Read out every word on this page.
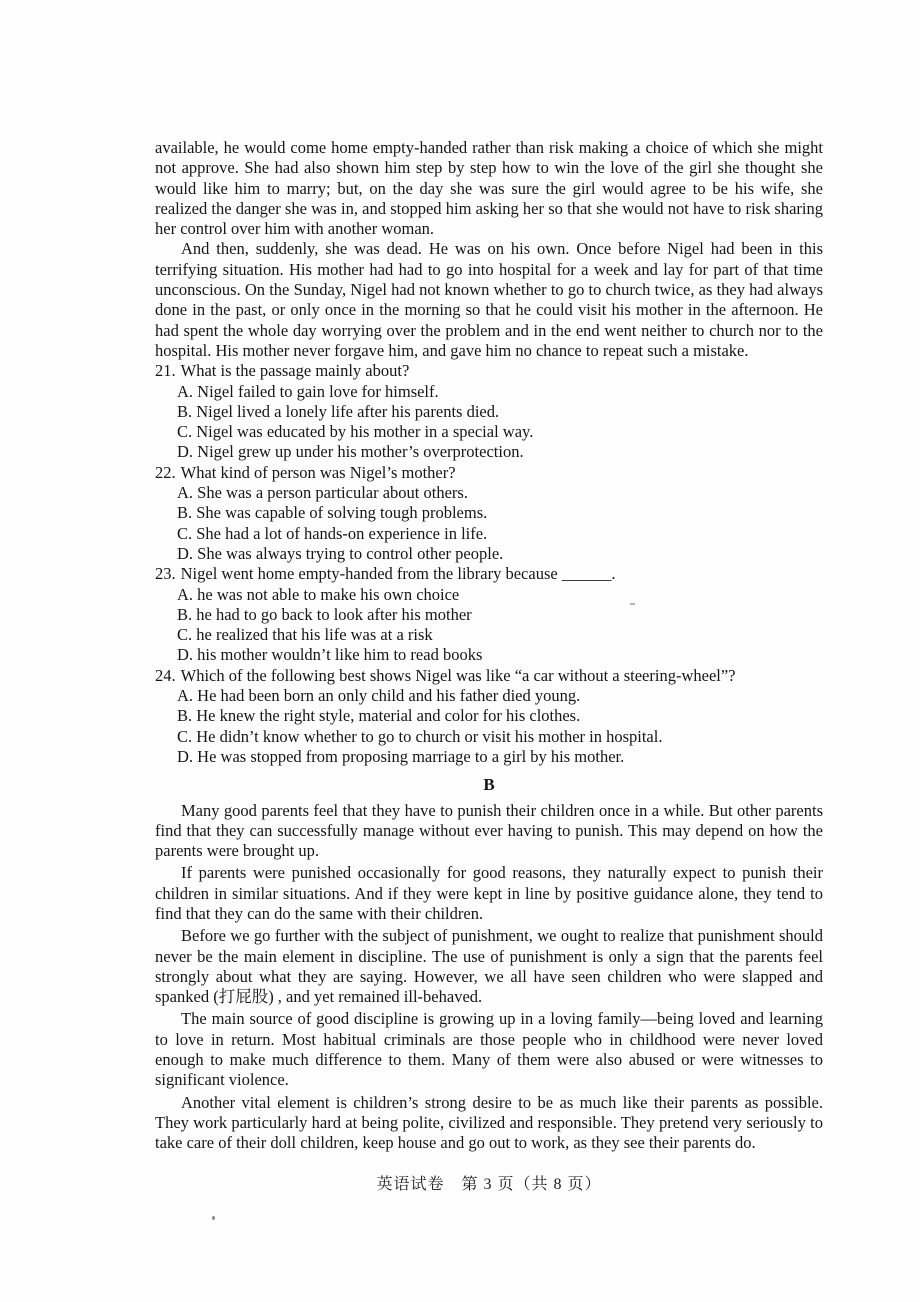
available, he would come home empty-handed rather than risk making a choice of which she might not approve. She had also shown him step by step how to win the love of the girl she thought she would like him to marry; but, on the day she was sure the girl would agree to be his wife, she realized the danger she was in, and stopped him asking her so that she would not have to risk sharing her control over him with another woman.

And then, suddenly, she was dead. He was on his own. Once before Nigel had been in this terrifying situation. His mother had had to go into hospital for a week and lay for part of that time unconscious. On the Sunday, Nigel had not known whether to go to church twice, as they had always done in the past, or only once in the morning so that he could visit his mother in the afternoon. He had spent the whole day worrying over the problem and in the end went neither to church nor to the hospital. His mother never forgave him, and gave him no chance to repeat such a mistake.

21. What is the passage mainly about?
A. Nigel failed to gain love for himself.
B. Nigel lived a lonely life after his parents died.
C. Nigel was educated by his mother in a special way.
D. Nigel grew up under his mother’s overprotection.
22. What kind of person was Nigel’s mother?
A. She was a person particular about others.
B. She was capable of solving tough problems.
C. She had a lot of hands-on experience in life.
D. She was always trying to control other people.
23. Nigel went home empty-handed from the library because ______.
A. he was not able to make his own choice
B. he had to go back to look after his mother
C. he realized that his life was at a risk
D. his mother wouldn’t like him to read books
24. Which of the following best shows Nigel was like “a car without a steering-wheel”?
A. He had been born an only child and his father died young.
B. He knew the right style, material and color for his clothes.
C. He didn’t know whether to go to church or visit his mother in hospital.
D. He was stopped from proposing marriage to a girl by his mother.
B

Many good parents feel that they have to punish their children once in a while. But other parents find that they can successfully manage without ever having to punish. This may depend on how the parents were brought up.

If parents were punished occasionally for good reasons, they naturally expect to punish their children in similar situations. And if they were kept in line by positive guidance alone, they tend to find that they can do the same with their children.

Before we go further with the subject of punishment, we ought to realize that punishment should never be the main element in discipline. The use of punishment is only a sign that the parents feel strongly about what they are saying. However, we all have seen children who were slapped and spanked (打屁股) , and yet remained ill-behaved.

The main source of good discipline is growing up in a loving family—being loved and learning to love in return. Most habitual criminals are those people who in childhood were never loved enough to make much difference to them. Many of them were also abused or were witnesses to significant violence.

Another vital element is children’s strong desire to be as much like their parents as possible. They work particularly hard at being polite, civilized and responsible. They pretend very seriously to take care of their doll children, keep house and go out to work, as they see their parents do.

英语试卷　第 3 页（共 8 页）
